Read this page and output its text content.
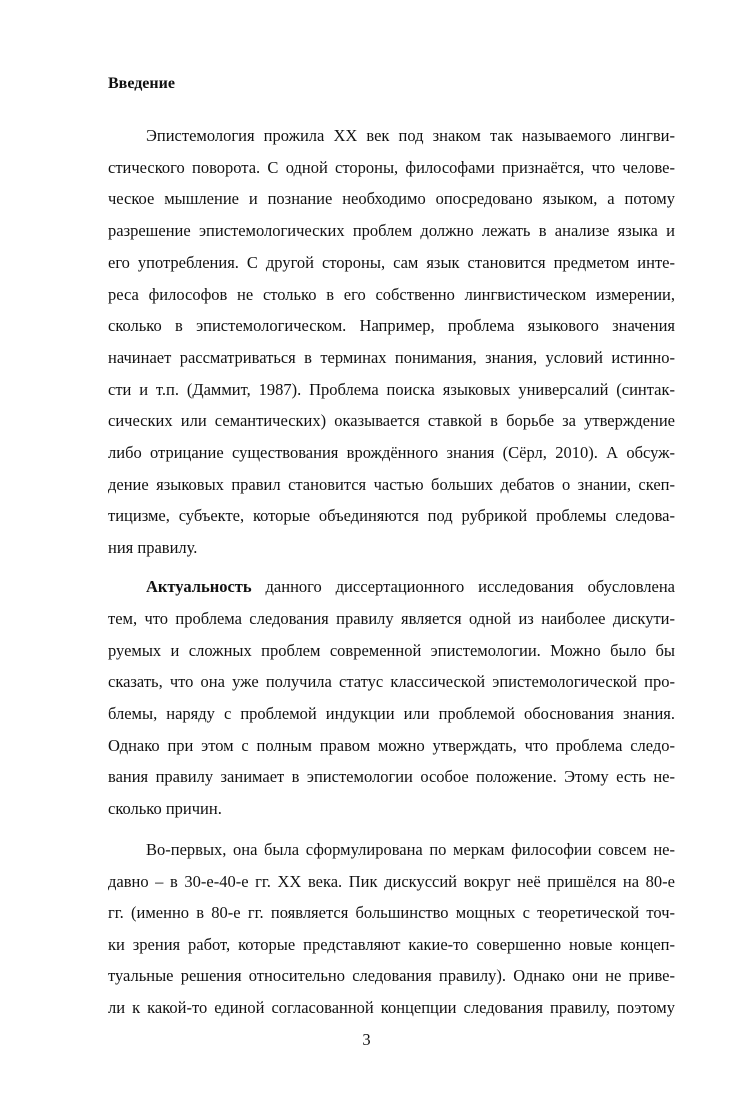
Введение
Эпистемология прожила XX век под знаком так называемого лингви-
стического поворота. С одной стороны, философами признаётся, что челове-
ческое мышление и познание необходимо опосредовано языком, а потому
разрешение эпистемологических проблем должно лежать в анализе языка и
его употребления. С другой стороны, сам язык становится предметом инте-
реса философов не столько в его собственно лингвистическом измерении,
сколько в эпистемологическом. Например, проблема языкового значения
начинает рассматриваться в терминах понимания, знания, условий истинно-
сти и т.п. (Даммит, 1987). Проблема поиска языковых универсалий (синтак-
сических или семантических) оказывается ставкой в борьбе за утверждение
либо отрицание существования врождённого знания (Сёрл, 2010). А обсуж-
дение языковых правил становится частью больших дебатов о знании, скеп-
тицизме, субъекте, которые объединяются под рубрикой проблемы следова-
ния правилу.
Актуальность данного диссертационного исследования обусловлена
тем, что проблема следования правилу является одной из наиболее дискути-
руемых и сложных проблем современной эпистемологии. Можно было бы
сказать, что она уже получила статус классической эпистемологической про-
блемы, наряду с проблемой индукции или проблемой обоснования знания.
Однако при этом с полным правом можно утверждать, что проблема следо-
вания правилу занимает в эпистемологии особое положение. Этому есть не-
сколько причин.
Во-первых, она была сформулирована по меркам философии совсем не-
давно – в 30-е-40-е гг. XX века. Пик дискуссий вокруг неё пришёлся на 80-е
гг. (именно в 80-е гг. появляется большинство мощных с теоретической точ-
ки зрения работ, которые представляют какие-то совершенно новые концеп-
туальные решения относительно следования правилу). Однако они не приве-
ли к какой-то единой согласованной концепции следования правилу, поэтому
3
